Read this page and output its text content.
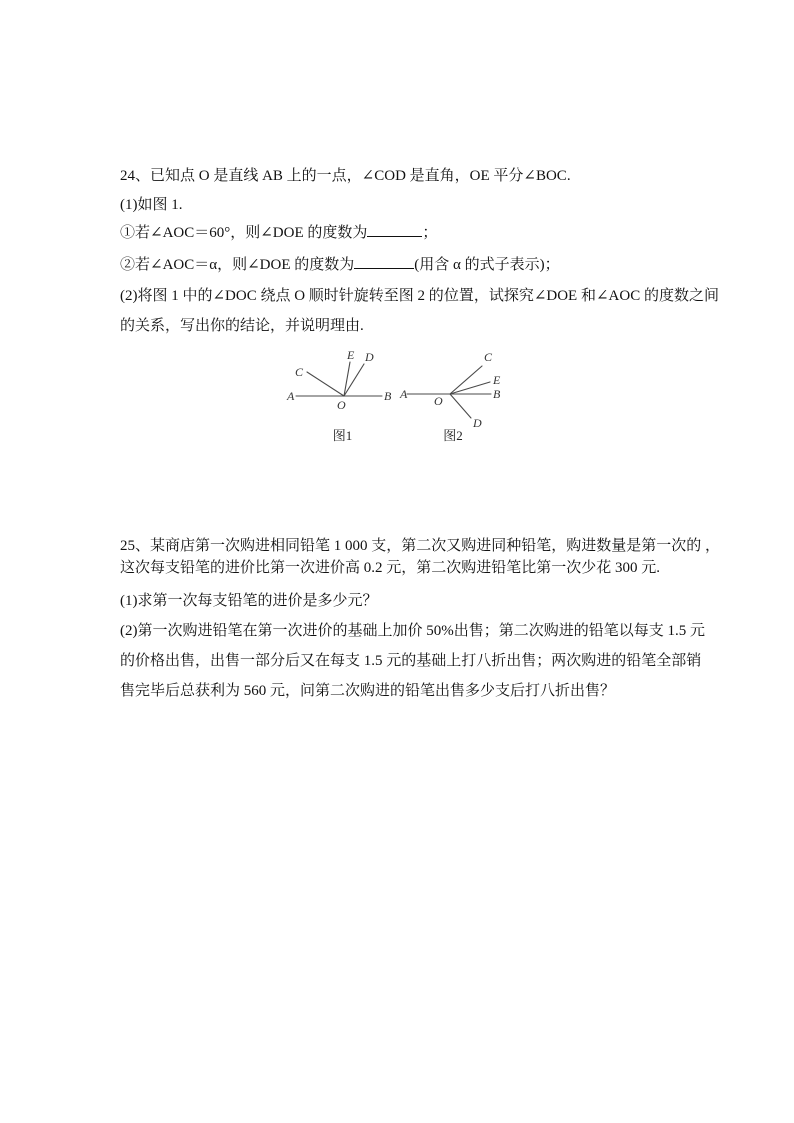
24、已知点 O 是直线 AB 上的一点，∠COD 是直角，OE 平分∠BOC.
(1)如图 1.
①若∠AOC＝60°，则∠DOE 的度数为	；
②若∠AOC＝α，则∠DOE 的度数为	(用含 α 的式子表示)；
(2)将图 1 中的∠DOC 绕点 O 顺时针旋转至图 2 的位置，试探究∠DOE 和∠AOC 的度数之间
的关系，写出你的结论，并说明理由.
A	B
C
D
E
O
图1
A	B
C
D
E
O
图2
25、某商店第一次购进相同铅笔 1 000 支，第二次又购进同种铅笔，购进数量是第一次的 ，
这次每支铅笔的进价比第一次进价高 0.2 元，第二次购进铅笔比第一次少花 300 元.
(1)求第一次每支铅笔的进价是多少元？
(2)第一次购进铅笔在第一次进价的基础上加价 50%出售；第二次购进的铅笔以每支 1.5 元
的价格出售，出售一部分后又在每支 1.5 元的基础上打八折出售；两次购进的铅笔全部销
售完毕后总获利为 560 元，问第二次购进的铅笔出售多少支后打八折出售？
